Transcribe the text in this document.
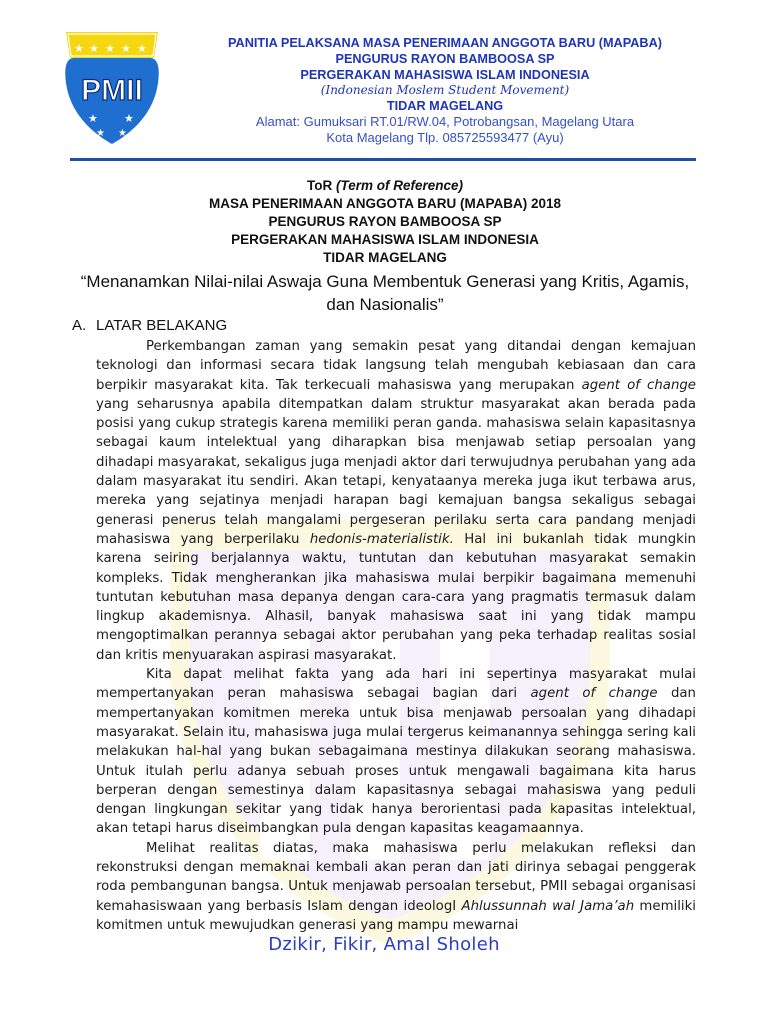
★ ★ ★ ★ ★
★ ★
★ ★
PMII
PANITIA PELAKSANA MASA PENERIMAAN ANGGOTA BARU (MAPABA)
PENGURUS RAYON BAMBOOSA SP
PERGERAKAN MAHASISWA ISLAM INDONESIA
(Indonesian Moslem Student Movement)
TIDAR MAGELANG
Alamat: Gumuksari RT.01/RW.04, Potrobangsan, Magelang Utara
Kota Magelang Tlp. 085725593477 (Ayu)
ToR (Term of Reference)
MASA PENERIMAAN ANGGOTA BARU (MAPABA) 2018
PENGURUS RAYON BAMBOOSA SP
PERGERAKAN MAHASISWA ISLAM INDONESIA
TIDAR MAGELANG
“Menanamkan Nilai-nilai Aswaja Guna Membentuk Generasi yang Kritis, Agamis, dan Nasionalis”
A. LATAR BELAKANG

Perkembangan zaman yang semakin pesat yang ditandai dengan kemajuan teknologi dan informasi secara tidak langsung telah mengubah kebiasaan dan cara berpikir masyarakat kita. Tak terkecuali mahasiswa yang merupakan agent of change yang seharusnya apabila ditempatkan dalam struktur masyarakat akan berada pada posisi yang cukup strategis karena memiliki peran ganda. mahasiswa selain kapasitasnya sebagai kaum intelektual yang diharapkan bisa menjawab setiap persoalan yang dihadapi masyarakat, sekaligus juga menjadi aktor dari terwujudnya perubahan yang ada dalam masyarakat itu sendiri. Akan tetapi, kenyataanya mereka juga ikut terbawa arus, mereka yang sejatinya menjadi harapan bagi kemajuan bangsa sekaligus sebagai generasi penerus telah mangalami pergeseran perilaku serta cara pandang menjadi mahasiswa yang berperilaku hedonis-materialistik. Hal ini bukanlah tidak mungkin karena seiring berjalannya waktu, tuntutan dan kebutuhan masyarakat semakin kompleks. Tidak mengherankan jika mahasiswa mulai berpikir bagaimana memenuhi tuntutan kebutuhan masa depanya dengan cara-cara yang pragmatis termasuk dalam lingkup akademisnya. Alhasil, banyak mahasiswa saat ini yang tidak mampu mengoptimalkan perannya sebagai aktor perubahan yang peka terhadap realitas sosial dan kritis menyuarakan aspirasi masyarakat.

Kita dapat melihat fakta yang ada hari ini sepertinya masyarakat mulai mempertanyakan peran mahasiswa sebagai bagian dari agent of change dan mempertanyakan komitmen mereka untuk bisa menjawab persoalan yang dihadapi masyarakat. Selain itu, mahasiswa juga mulai tergerus keimanannya sehingga sering kali melakukan hal-hal yang bukan sebagaimana mestinya dilakukan seorang mahasiswa. Untuk itulah perlu adanya sebuah proses untuk mengawali bagaimana kita harus berperan dengan semestinya dalam kapasitasnya sebagai mahasiswa yang peduli dengan lingkungan sekitar yang tidak hanya berorientasi pada kapasitas intelektual, akan tetapi harus diseimbangkan pula dengan kapasitas keagamaannya.

Melihat realitas diatas, maka mahasiswa perlu melakukan refleksi dan rekonstruksi dengan memaknai kembali akan peran dan jati dirinya sebagai penggerak roda pembangunan bangsa. Untuk menjawab persoalan tersebut, PMII sebagai organisasi kemahasiswaan yang berbasis Islam dengan ideologI Ahlussunnah wal Jama’ah memiliki komitmen untuk mewujudkan generasi yang mampu mewarnai

Dzikir, Fikir, Amal Sholeh
